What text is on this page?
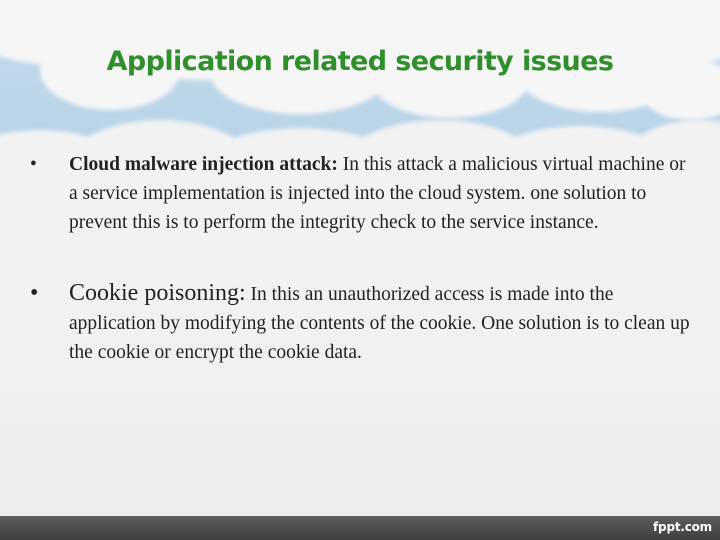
Application related security issues
•	Cloud malware injection attack: In this attack a malicious virtual machine or a service implementation is injected into the cloud system. one solution to prevent this is to perform the integrity check to the service instance.
•	Cookie poisoning: In this an unauthorized access is made into the application by modifying the contents of the cookie. One solution is to clean up the cookie or encrypt the cookie data.
fppt.com
